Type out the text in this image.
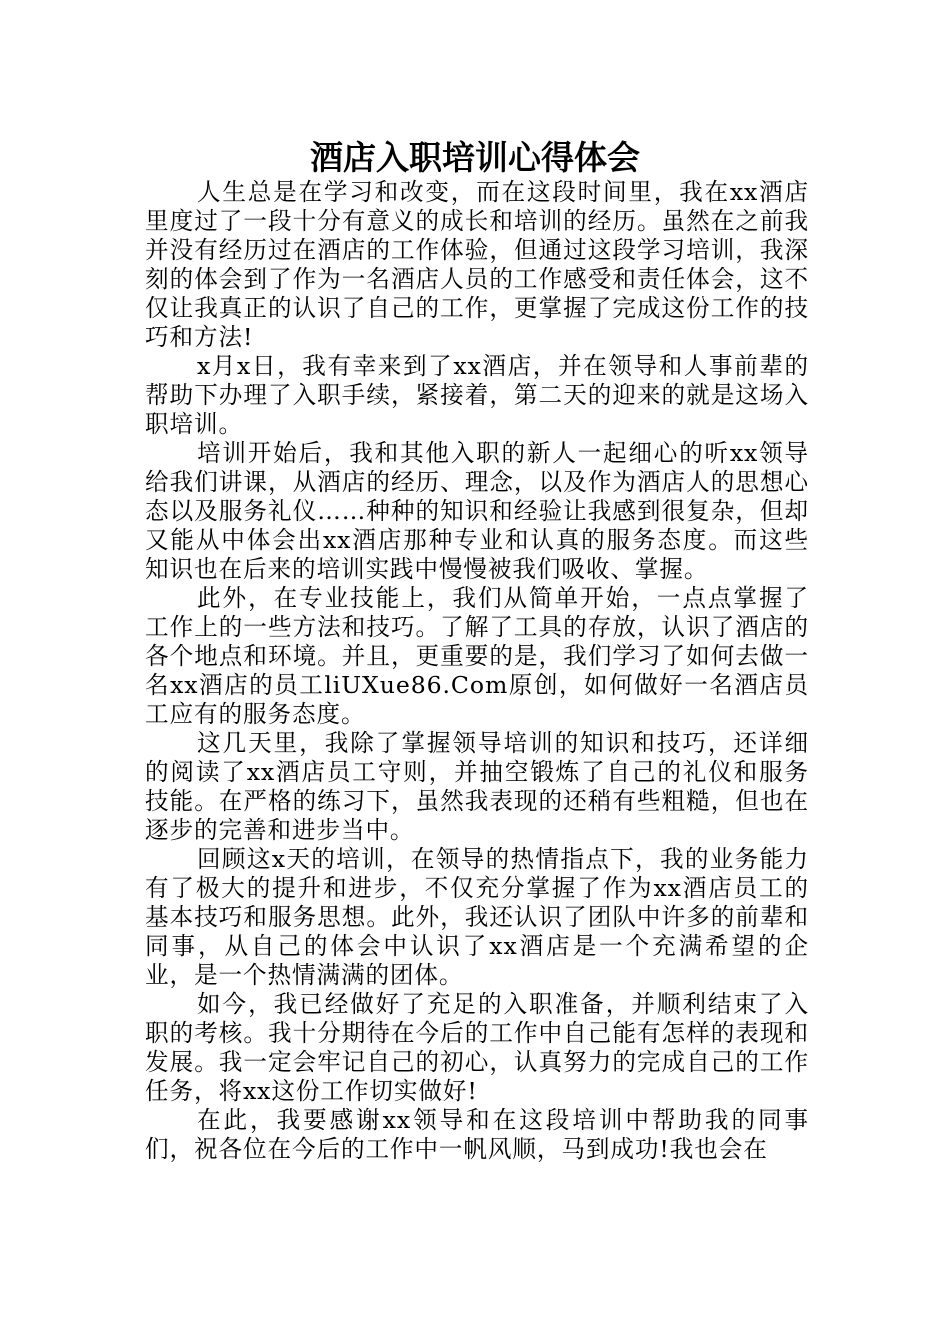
酒店入职培训心得体会

人生总是在学习和改变，而在这段时间里，我在xx酒店里度过了一段十分有意义的成长和培训的经历。虽然在之前我并没有经历过在酒店的工作体验，但通过这段学习培训，我深刻的体会到了作为一名酒店人员的工作感受和责任体会，这不仅让我真正的认识了自己的工作，更掌握了完成这份工作的技巧和方法!

x月x日，我有幸来到了xx酒店，并在领导和人事前辈的帮助下办理了入职手续，紧接着，第二天的迎来的就是这场入职培训。

培训开始后，我和其他入职的新人一起细心的听xx领导给我们讲课，从酒店的经历、理念，以及作为酒店人的思想心态以及服务礼仪……种种的知识和经验让我感到很复杂，但却又能从中体会出xx酒店那种专业和认真的服务态度。而这些知识也在后来的培训实践中慢慢被我们吸收、掌握。

此外，在专业技能上，我们从简单开始，一点点掌握了工作上的一些方法和技巧。了解了工具的存放，认识了酒店的各个地点和环境。并且，更重要的是，我们学习了如何去做一名xx酒店的员工liUXue86.Com原创，如何做好一名酒店员工应有的服务态度。

这几天里，我除了掌握领导培训的知识和技巧，还详细的阅读了xx酒店员工守则，并抽空锻炼了自己的礼仪和服务技能。在严格的练习下，虽然我表现的还稍有些粗糙，但也在逐步的完善和进步当中。

回顾这x天的培训，在领导的热情指点下，我的业务能力有了极大的提升和进步，不仅充分掌握了作为xx酒店员工的基本技巧和服务思想。此外，我还认识了团队中许多的前辈和同事，从自己的体会中认识了xx酒店是一个充满希望的企业，是一个热情满满的团体。

如今，我已经做好了充足的入职准备，并顺利结束了入职的考核。我十分期待在今后的工作中自己能有怎样的表现和发展。我一定会牢记自己的初心，认真努力的完成自己的工作任务，将xx这份工作切实做好!

在此，我要感谢xx领导和在这段培训中帮助我的同事们，祝各位在今后的工作中一帆风顺，马到成功!我也会在
